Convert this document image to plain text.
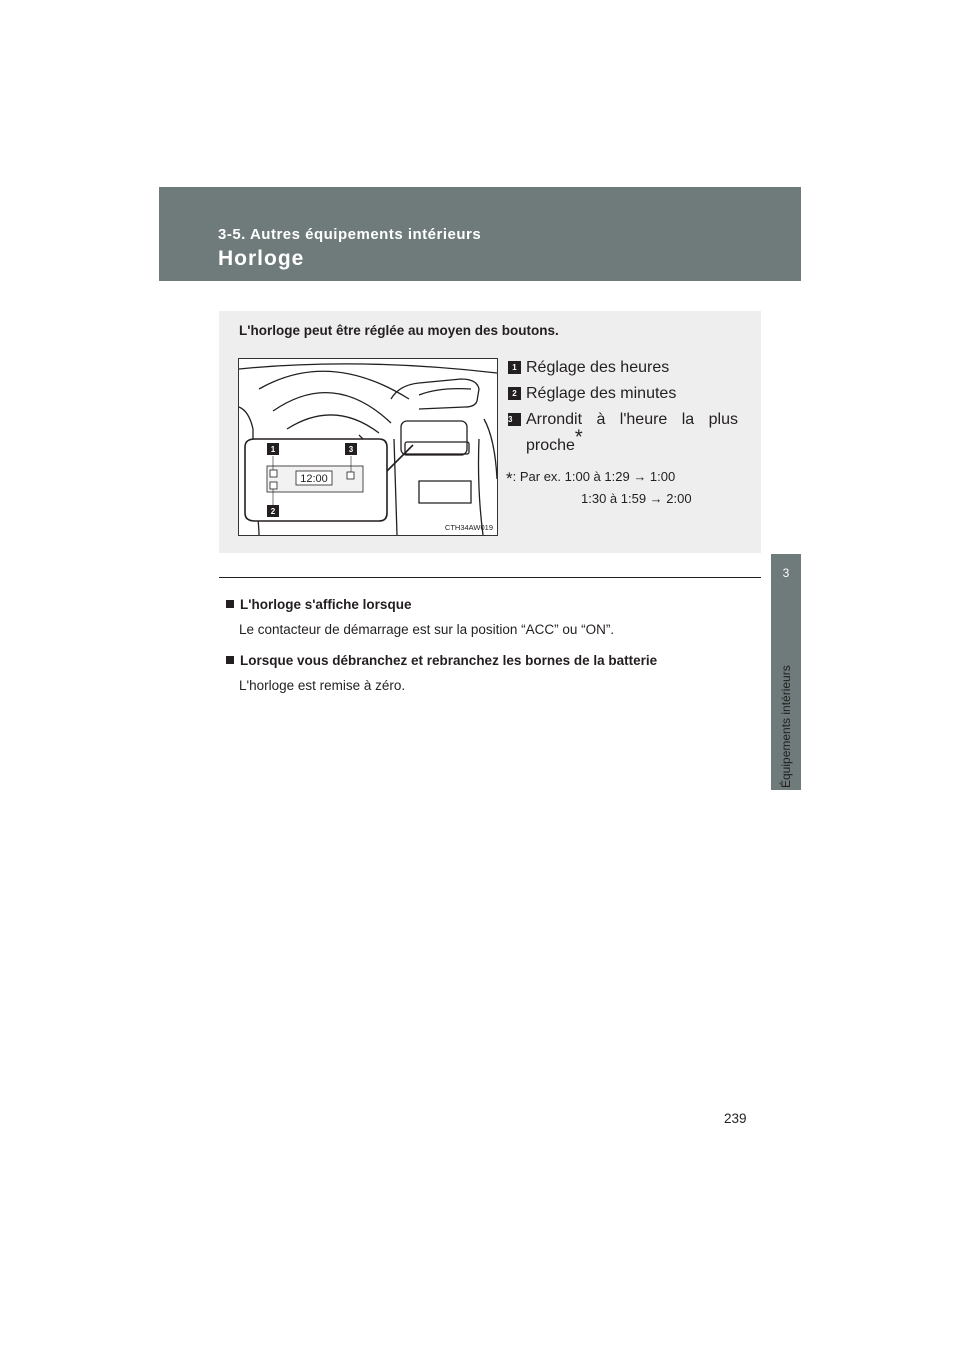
3-5. Autres équipements intérieurs
Horloge
3
Équipements intérieurs
L'horloge peut être réglée au moyen des boutons.
12:00
1	3
2
CTH34AW019
1 Réglage des heures
2 Réglage des minutes
3 Arrondit à l'heure la plus proche*
*: Par ex. 1:00 à 1:29 → 1:00
1:30 à 1:59 → 2:00
L'horloge s'affiche lorsque
Le contacteur de démarrage est sur la position “ACC” ou “ON”.
Lorsque vous débranchez et rebranchez les bornes de la batterie
L'horloge est remise à zéro.
239
